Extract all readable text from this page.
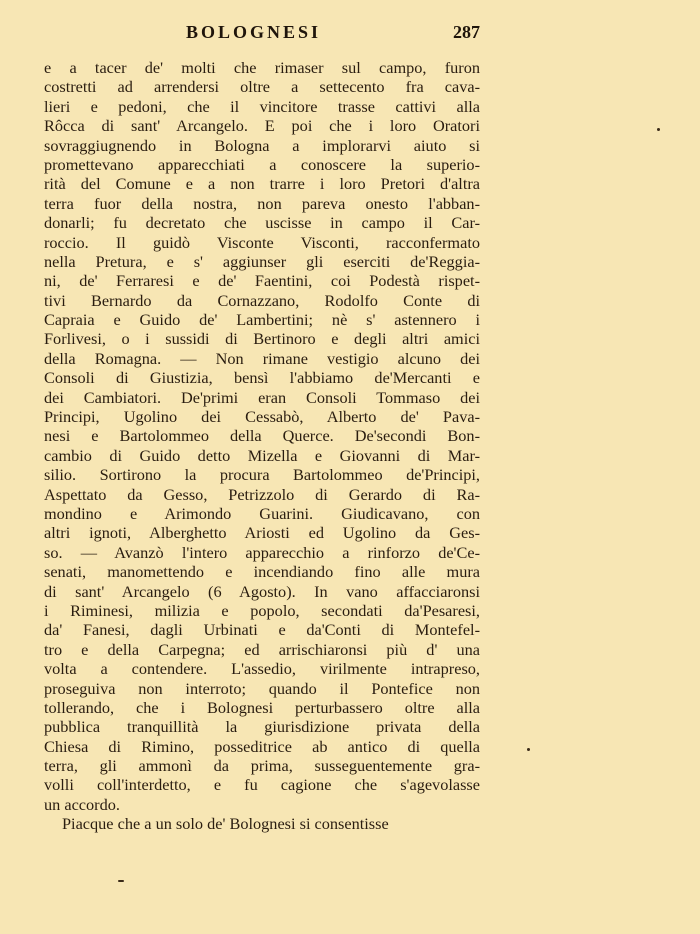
BOLOGNESI	287
e a tacer de' molti che rimaser sul campo, furon
costretti ad arrendersi oltre a settecento fra cava-
lieri e pedoni, che il vincitore trasse cattivi alla
Rôcca di sant' Arcangelo. E poi che i loro Oratori
sovraggiugnendo in Bologna a implorarvi aiuto si
promettevano apparecchiati a conoscere la superio-
rità del Comune e a non trarre i loro Pretori d'altra
terra fuor della nostra, non pareva onesto l'abban-
donarli; fu decretato che uscisse in campo il Car-
roccio. Il guidò Visconte Visconti, racconfermato
nella Pretura, e s' aggiunser gli eserciti de'Reggia-
ni, de' Ferraresi e de' Faentini, coi Podestà rispet-
tivi Bernardo da Cornazzano, Rodolfo Conte di
Capraia e Guido de' Lambertini; nè s' astennero i
Forlivesi, o i sussidi di Bertinoro e degli altri amici
della Romagna. — Non rimane vestigio alcuno dei
Consoli di Giustizia, bensì l'abbiamo de'Mercanti e
dei Cambiatori. De'primi eran Consoli Tommaso dei
Principi, Ugolino dei Cessabò, Alberto de' Pava-
nesi e Bartolommeo della Querce. De'secondi Bon-
cambio di Guido detto Mizella e Giovanni di Mar-
silio. Sortirono la procura Bartolommeo de'Principi,
Aspettato da Gesso, Petrizzolo di Gerardo di Ra-
mondino e Arimondo Guarini. Giudicavano, con
altri ignoti, Alberghetto Ariosti ed Ugolino da Ges-
so. — Avanzò l'intero apparecchio a rinforzo de'Ce-
senati, manomettendo e incendiando fino alle mura
di sant' Arcangelo (6 Agosto). In vano affacciaronsi
i Riminesi, milizia e popolo, secondati da'Pesaresi,
da' Fanesi, dagli Urbinati e da'Conti di Montefel-
tro e della Carpegna; ed arrischiaronsi più d' una
volta a contendere. L'assedio, virilmente intrapreso,
proseguiva non interroto; quando il Pontefice non
tollerando, che i Bolognesi perturbassero oltre alla
pubblica tranquillità la giurisdizione privata della
Chiesa di Rimino, posseditrice ab antico di quella
terra, gli ammonì da prima, susseguentemente gra-
volli coll'interdetto, e fu cagione che s'agevolasse
un accordo.
Piacque che a un solo de' Bolognesi si consentisse
